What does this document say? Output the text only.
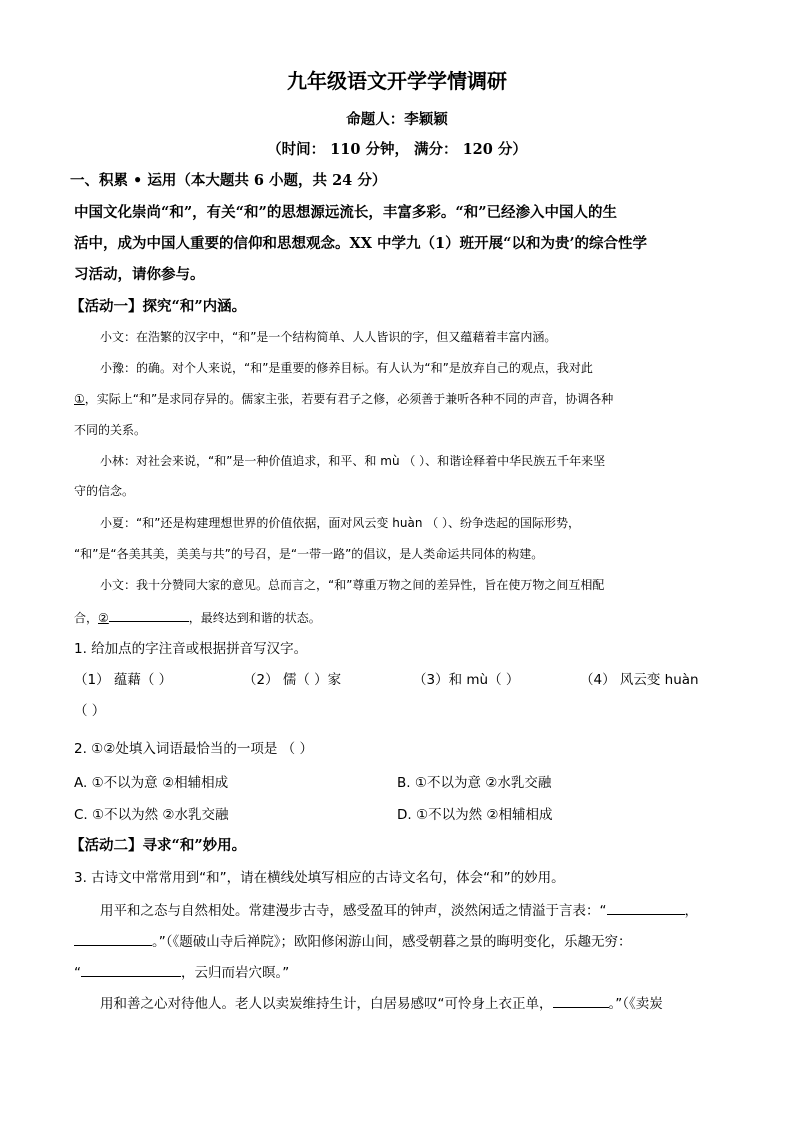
九年级语文开学学情调研
命题人：李颖颖
（时间： 110 分钟， 满分： 120 分）
一、积累 • 运用（本大题共 6 小题，共 24 分）
中国文化崇尚“和”，有关“和”的思想源远流长，丰富多彩。“和”已经渗入中国人的生
活中，成为中国人重要的信仰和思想观念。XX 中学九（1）班开展“以和为贵’的综合性学
习活动，请你参与。
【活动一】探究“和”内涵。
小文：在浩繁的汉字中，“和”是一个结构简单、人人皆识的字，但又蕴藉着丰富内涵。
小豫：的确。对个人来说，“和”是重要的修养目标。有人认为“和”是放弃自己的观点，我对此
①，实际上“和”是求同存异的。儒家主张，若要有君子之修，必须善于兼听各种不同的声音，协调各种
不同的关系。
小林：对社会来说，“和”是一种价值追求，和平、和 mù （ ）、和谐诠释着中华民族五千年来坚
守的信念。
小夏：“和”还是构建理想世界的价值依据，面对风云变 huàn （ ）、纷争迭起的国际形势，
“和”是“各美其美，美美与共”的号召，是“一带一路”的倡议，是人类命运共同体的构建。
小文：我十分赞同大家的意见。总而言之，“和”尊重万物之间的差异性，旨在使万物之间互相配
合，②	，最终达到和谐的状态。
1. 给加点的字注音或根据拼音写汉字。
（1） 蕴藉（ ）	（2） 儒（ ）家	（3）和 mù（ ）	（4） 风云变 huàn
（ ）
2. ①②处填入词语最恰当的一项是 （ ）
A. ①不以为意 ②相辅相成	B. ①不以为意 ②水乳交融
C. ①不以为然 ②水乳交融	D. ①不以为然 ②相辅相成
【活动二】寻求“和”妙用。
3. 古诗文中常常用到“和”，请在横线处填写相应的古诗文名句，体会“和”的妙用。
用平和之态与自然相处。常建漫步古寺，感受盈耳的钟声，淡然闲适之情溢于言表：“	，
。”（《题破山寺后禅院》；欧阳修闲游山间，感受朝暮之景的晦明变化，乐趣无穷：
“	，云归而岩穴暝。”
用和善之心对待他人。老人以卖炭维持生计，白居易感叹“可怜身上衣正单，	。”（《卖炭
